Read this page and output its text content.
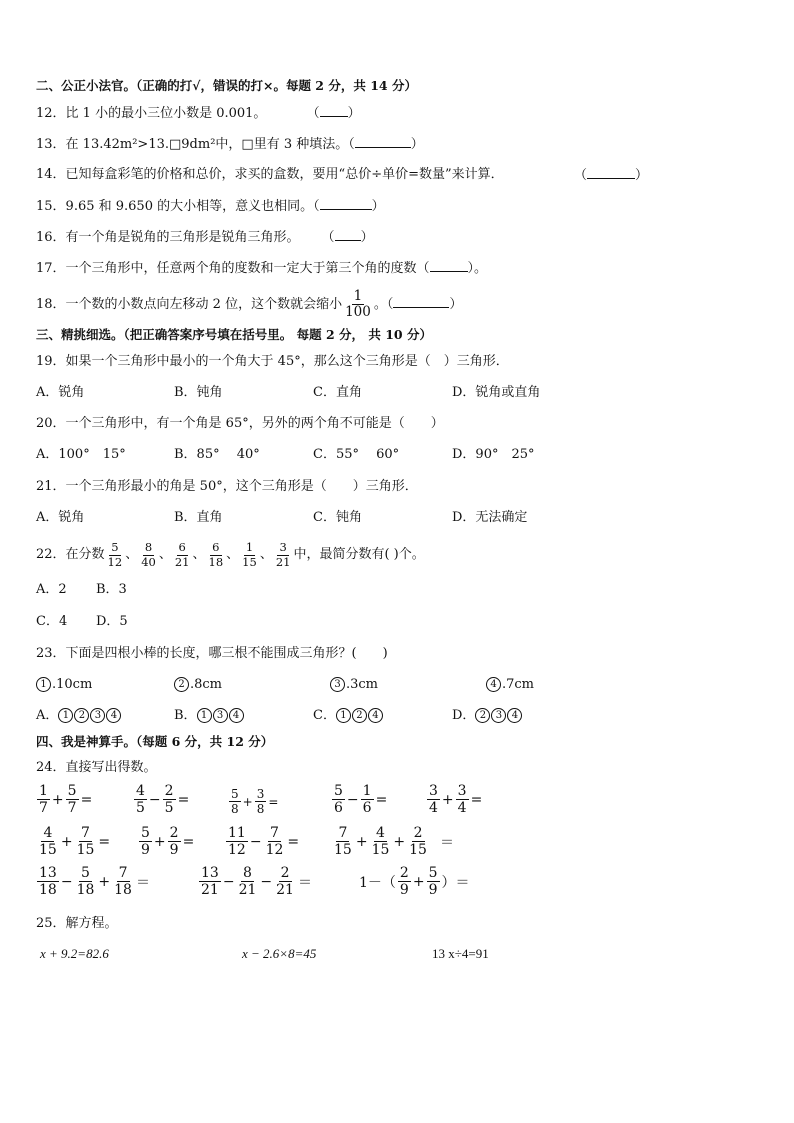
二、公正小法官。（正确的打√，错误的打×。每题 2 分，共 14 分）
12．比 1 小的最小三位小数是 0.001。	（ ）
13．在 13.42m²>13.□9dm²中，□里有 3 种填法。（	）
14．已知每盒彩笔的价格和总价，求买的盒数，要用“总价÷单价=数量”来计算．	（	）
15．9.65 和 9.650 的大小相等，意义也相同。（	）
16．有一个角是锐角的三角形是锐角三角形。 （ ）
17．一个三角形中，任意两个角的度数和一定大于第三个角的度数（	）。
18．一个数的小数点向左移动 2 位，这个数就会缩小 $\frac{1}{100}$ 。（	）
三、精挑细选。（把正确答案序号填在括号里。 每题 2 分， 共 10 分）
19．如果一个三角形中最小的一个角大于 45°，那么这个三角形是（　）三角形．
A．锐角	B．钝角	C．直角	D．锐角或直角
20．一个三角形中，有一个角是 65°，另外的两个角不可能是（　　）
A．100°　15°	B．85°　 40°	C．55°　 60°	D．90°　25°
21．一个三角形最小的角是 50°，这个三角形是（　　）三角形．
A．锐角	B．直角	C．钝角	D．无法确定
22．在分数 $\frac{5}{12}$ 、 $\frac{8}{40}$ 、 $\frac{6}{21}$ 、 $\frac{6}{18}$ 、 $\frac{1}{15}$ 、 $\frac{3}{21}$ 中，最简分数有( )个。
A．2 B．3
C．4 D．5
23．下面是四根小棒的长度，哪三根不能围成三角形？(　　)
1 .10cm	2 .8cm	3 .3cm	4 .7cm
A． 1 2 3 4	B． 1 3 4	C． 1 2 4	D． 2 3 4
四、我是神算手。（每题 6 分，共 12 分）
24．直接写出得数。
$\frac{1}{7} + \frac{5}{7}$ =	$\frac{4}{5} - \frac{2}{5}$ =	$\frac{5}{8} + \frac{3}{8}$ =	$\frac{5}{6} - \frac{1}{6}$ =	$\frac{3}{4} + \frac{3}{4}$ =
$\frac{4}{15} + \frac{7}{15} = \frac{5}{9} + \frac{2}{9} = \frac{11}{12} - \frac{7}{12} = \frac{7}{15} + \frac{4}{15} + \frac{2}{15}$ ＝
$\frac{13}{18} - \frac{5}{18} + \frac{7}{18}$ ＝	$\frac{13}{21} - \frac{8}{21} - \frac{2}{21}$ ＝	$1-( \frac{2}{9} + \frac{5}{9}$ ）＝
25．解方程。
x + 9.2=82.6	x − 2.6×8=45	13 x÷4=91
